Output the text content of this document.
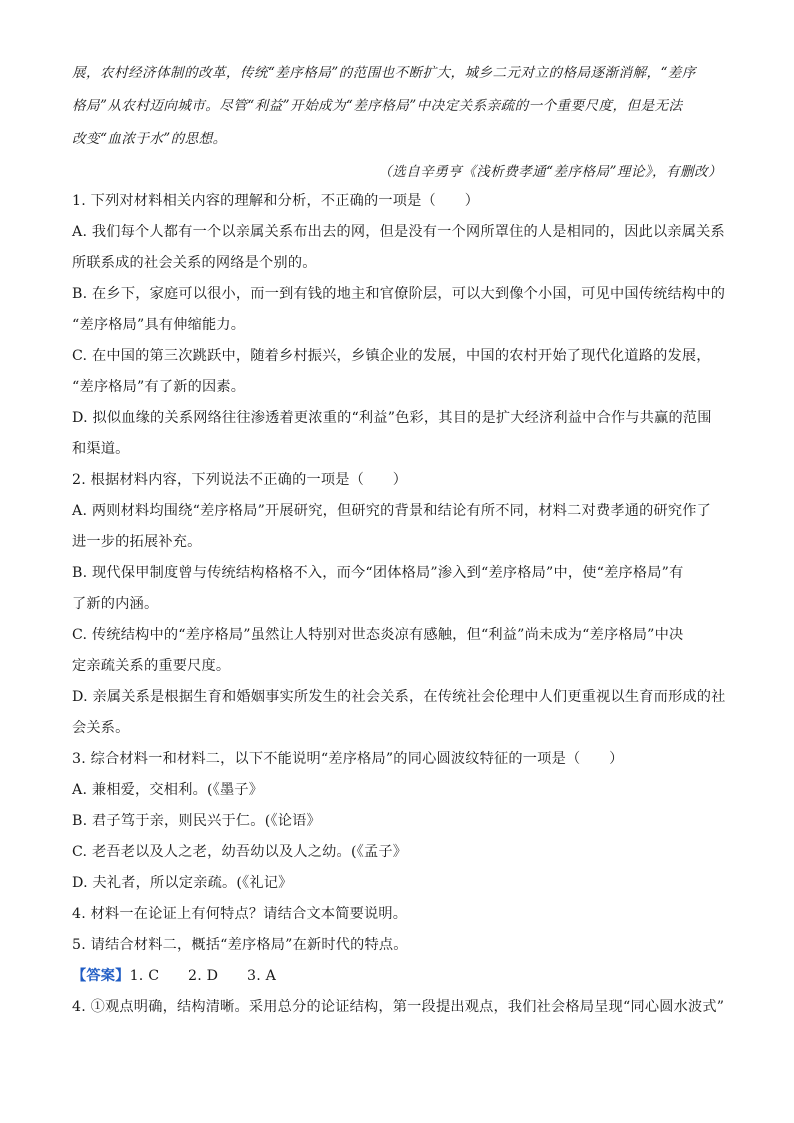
展，农村经济体制的改革，传统“差序格局”的范围也不断扩大，城乡二元对立的格局逐渐消解，“差序
格局”从农村迈向城市。尽管“利益”开始成为“差序格局”中决定关系亲疏的一个重要尺度，但是无法
改变“血浓于水”的思想。
（选自辛勇亨《浅析费孝通“差序格局”理论》，有删改）
1. 下列对材料相关内容的理解和分析，不正确的一项是（　　）
A. 我们每个人都有一个以亲属关系布出去的网，但是没有一个网所罩住的人是相同的，因此以亲属关系
所联系成的社会关系的网络是个别的。
B. 在乡下，家庭可以很小，而一到有钱的地主和官僚阶层，可以大到像个小国，可见中国传统结构中的
“差序格局”具有伸缩能力。
C. 在中国的第三次跳跃中，随着乡村振兴，乡镇企业的发展，中国的农村开始了现代化道路的发展，
“差序格局”有了新的因素。
D. 拟似血缘的关系网络往往渗透着更浓重的“利益”色彩，其目的是扩大经济利益中合作与共赢的范围
和渠道。
2. 根据材料内容，下列说法不正确的一项是（　　）
A. 两则材料均围绕“差序格局”开展研究，但研究的背景和结论有所不同，材料二对费孝通的研究作了
进一步的拓展补充。
B. 现代保甲制度曾与传统结构格格不入，而今“团体格局”渗入到“差序格局”中，使“差序格局”有
了新的内涵。
C. 传统结构中的“差序格局”虽然让人特别对世态炎凉有感触，但“利益”尚未成为“差序格局”中决
定亲疏关系的重要尺度。
D. 亲属关系是根据生育和婚姻事实所发生的社会关系，在传统社会伦理中人们更重视以生育而形成的社
会关系。
3. 综合材料一和材料二，以下不能说明“差序格局”的同心圆波纹特征的一项是（　　）
A. 兼相爱，交相利。(《墨子》
B. 君子笃于亲，则民兴于仁。(《论语》
C. 老吾老以及人之老，幼吾幼以及人之幼。(《孟子》
D. 夫礼者，所以定亲疏。(《礼记》
4. 材料一在论证上有何特点？请结合文本简要说明。
5. 请结合材料二，概括“差序格局”在新时代的特点。
【答案】1. C　　2. D　　3. A
4. ①观点明确，结构清晰。采用总分的论证结构，第一段提出观点，我们社会格局呈现“同心圆水波式”
